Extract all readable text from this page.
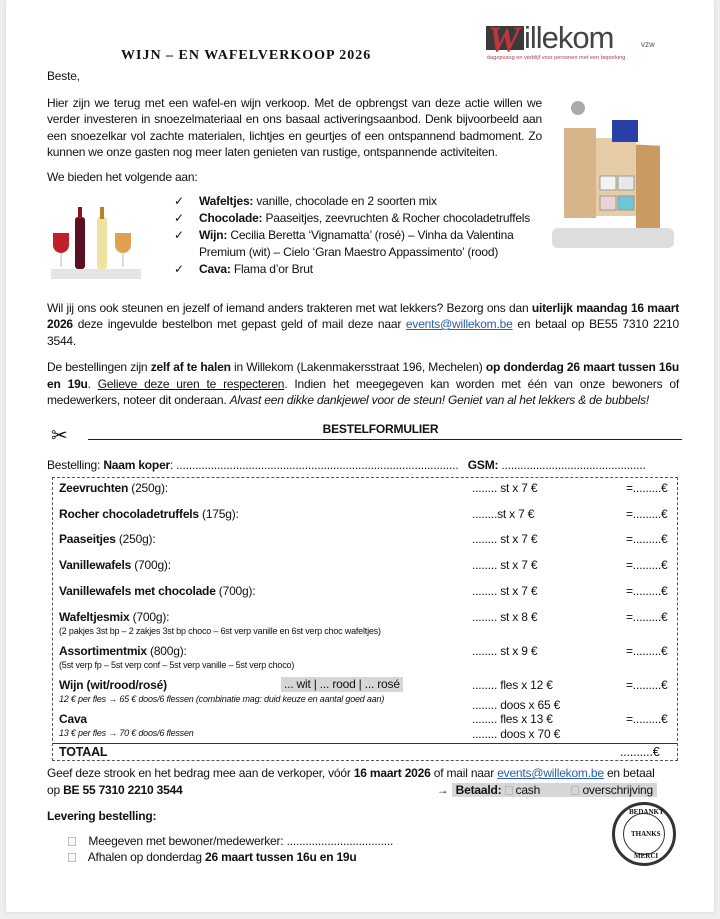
WIJN – EN WAFELVERKOOP 2026	W illekom	vzw
dagopvang en verblijf voor personen met een beperking
Beste,

Hier zijn we terug met een wafel-en wijn verkoop. Met de opbrengst van deze actie willen we verder investeren in snoezelmateriaal en ons basaal activeringsaanbod. Denk bijvoorbeeld aan een snoezelkar vol zachte materialen, lichtjes en geurtjes of een ontspannend badmoment. Zo kunnen we onze gasten nog meer laten genieten van rustige, ontspannende activiteiten.

We bieden het volgende aan:
✓ Wafeltjes: vanille, chocolade en 2 soorten mix
✓ Chocolade: Paaseitjes, zeevruchten & Rocher chocoladetruffels
✓ Wijn: Cecilia Beretta ‘Vignamatta’ (rosé) – Vinha da Valentina
Premium (wit) – Cielo ‘Gran Maestro Appassimento’ (rood)
✓ Cava: Flama d’or Brut

Wil jij ons ook steunen en jezelf of iemand anders trakteren met wat lekkers? Bezorg ons dan uiterlijk maandag 16 maart 2026 deze ingevulde bestelbon met gepast geld of mail deze naar events@willekom.be en betaal op BE55 7310 2210 3544.

De bestellingen zijn zelf af te halen in Willekom (Lakenmakersstraat 196, Mechelen) op donderdag 26 maart tussen 16u en 19u. Gelieve deze uren te respecteren. Indien het meegegeven kan worden met één van onze bewoners of medewerkers, noteer dit onderaan. Alvast een dikke dankjewel voor de steun! Geniet van al het lekkers & de bubbels!

✂	BESTELFORMULIER
Bestelling: Naam koper: .......................................................................................... GSM: ..............................................
Zeevruchten (250g):	........ st x 7 €	=.........€
Rocher chocoladetruffels (175g):	........st x 7 €	=.........€
Paaseitjes (250g):	........ st x 7 €	=.........€
Vanillewafels (700g):	........ st x 7 €	=.........€
Vanillewafels met chocolade (700g):	........ st x 7 €	=.........€
Wafeltjesmix (700g):
(2 pakjes 3st bp – 2 zakjes 3st bp choco – 6st verp vanille en 6st verp choc wafeltjes)
........ st x 8 €	=.........€
Assortimentmix (800g):
(5st verp fp – 5st verp conf – 5st verp vanille – 5st verp choco)
........ st x 9 €	=.........€
Wijn (wit/rood/rosé)	... wit | ... rood | ... rosé
12 € per fles → 65 € doos/6 flessen (combinatie mag: duid keuze en aantal goed aan)
........ fles x 12 €
........ doos x 65 €
=.........€
Cava
13 € per fles → 70 € doos/6 flessen
........ fles x 13 €
........ doos x 70 €
=.........€
TOTAAL	..........€
Geef deze strook en het bedrag mee aan de verkoper, vóór 16 maart 2026 of mail naar events@willekom.be en betaal
op BE 55 7310 2210 3544	→ Betaald: cash	overschrijving
Levering bestelling:
Meegeven met bewoner/medewerker: ..................................
Afhalen op donderdag 26 maart tussen 16u en 19u
BEDANKT
THANKS
MERCI
